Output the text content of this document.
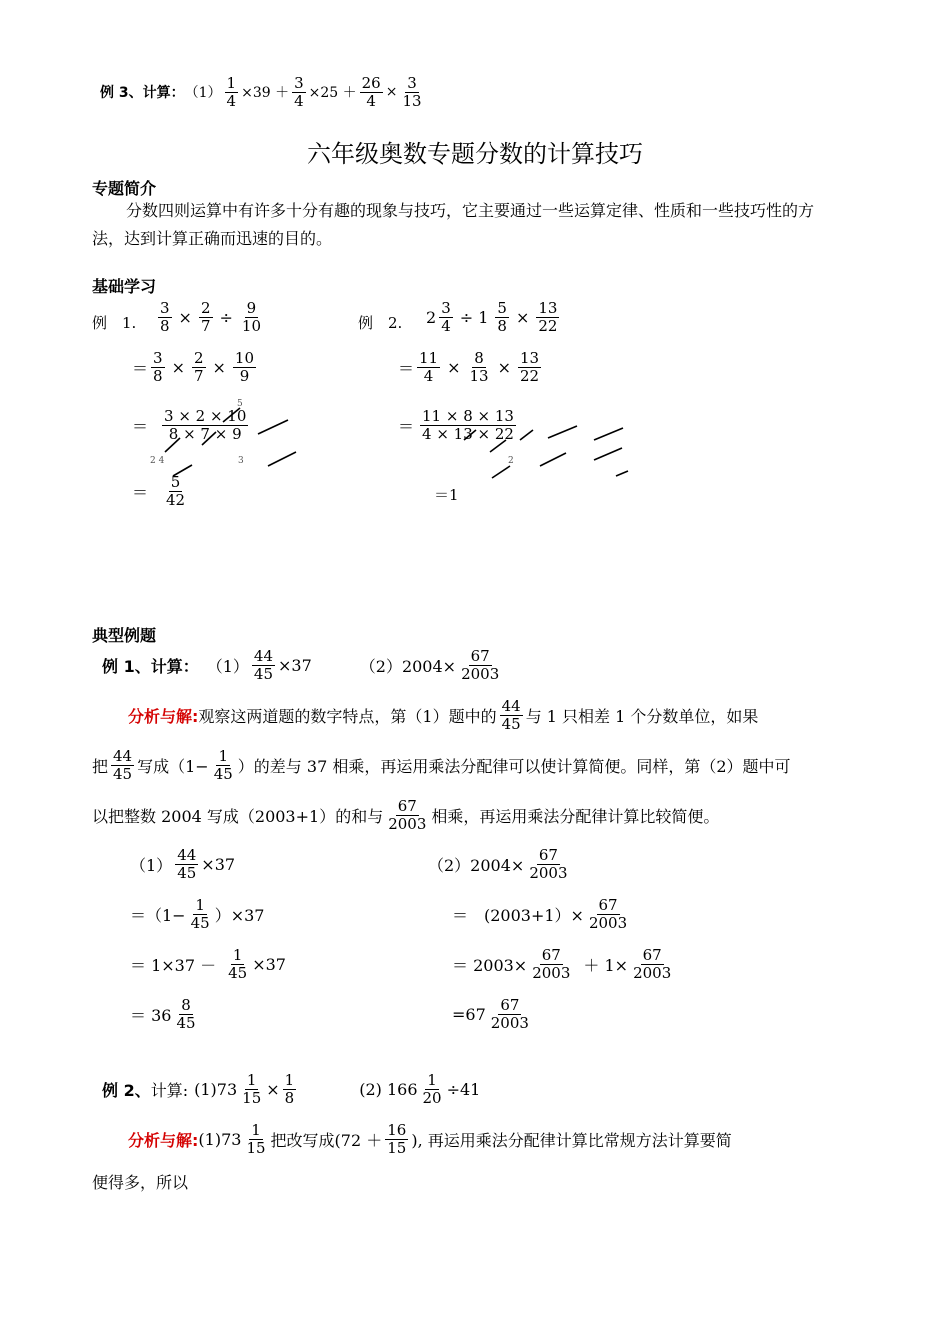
例 3、计算： $(1) \frac{1}{4} \times 39 + \frac{3}{4} \times 25 + \frac{26}{4} \times \frac{3}{13}$
六年级奥数专题分数的计算技巧
专题简介
分数四则运算中有许多十分有趣的现象与技巧，它主要通过一些运算定律、性质和一些技巧性的方法，达到计算正确而迅速的目的。
基础学习
例　1. $\frac{3}{8} \times \frac{2}{7} \div \frac{9}{10}$
＝ $\frac{3}{8} \times \frac{2}{7} \times \frac{10}{9}$
＝ $\frac{3 \times 2 \times 10}{8 \times 7 \times 9}$
5
2 4	3
＝ $\frac{5}{42}$
例　2. $2 \frac{3}{4} \div 1 \frac{5}{8} \times \frac{13}{22}$
＝ $\frac{11}{4} \times \frac{8}{13} \times \frac{13}{22}$
＝ $\frac{11 \times 8 \times 13}{4 \times 13 \times 22}$
2
＝1
典型例题
例 1、计算： $(1) \frac{44}{45} \times 37$	$(2)2004\times \frac{67}{2003}$
分析与解: 观察这两道题的数字特点，第（1）题中的 $\frac{44}{45}$ 与 1 只相差 1 个分数单位，如果
把 $\frac{44}{45}$ 写成（$1- \frac{1}{45}$ ）的差与 37 相乘，再运用乘法分配律可以使计算简便。同样，第（2）题中可
以把整数 2004 写成（2003+1）的和与 $\frac{67}{2003}$ 相乘，再运用乘法分配律计算比较简便。
$(1) \frac{44}{45} \times 37$
$=(1- \frac{1}{45} )\times 37$
＝ $1\times 37 - \frac{1}{45} \times 37$
＝ $36 \frac{8}{45}$
$(2)2004\times \frac{67}{2003}$
＝　$(2003+1)\times \frac{67}{2003}$
＝ $2003\times \frac{67}{2003} + 1\times \frac{67}{2003}$
$=67 \frac{67}{2003}$
例 2、 计算: $(1)73 \frac{1}{15} \times \frac{1}{8}$	(2) $166 \frac{1}{20} \div 41$
分析与解: $(1)73 \frac{1}{15}$ 把改写成($72 + \frac{16}{15}$ ), 再运用乘法分配律计算比常规方法计算要简
便得多，所以
